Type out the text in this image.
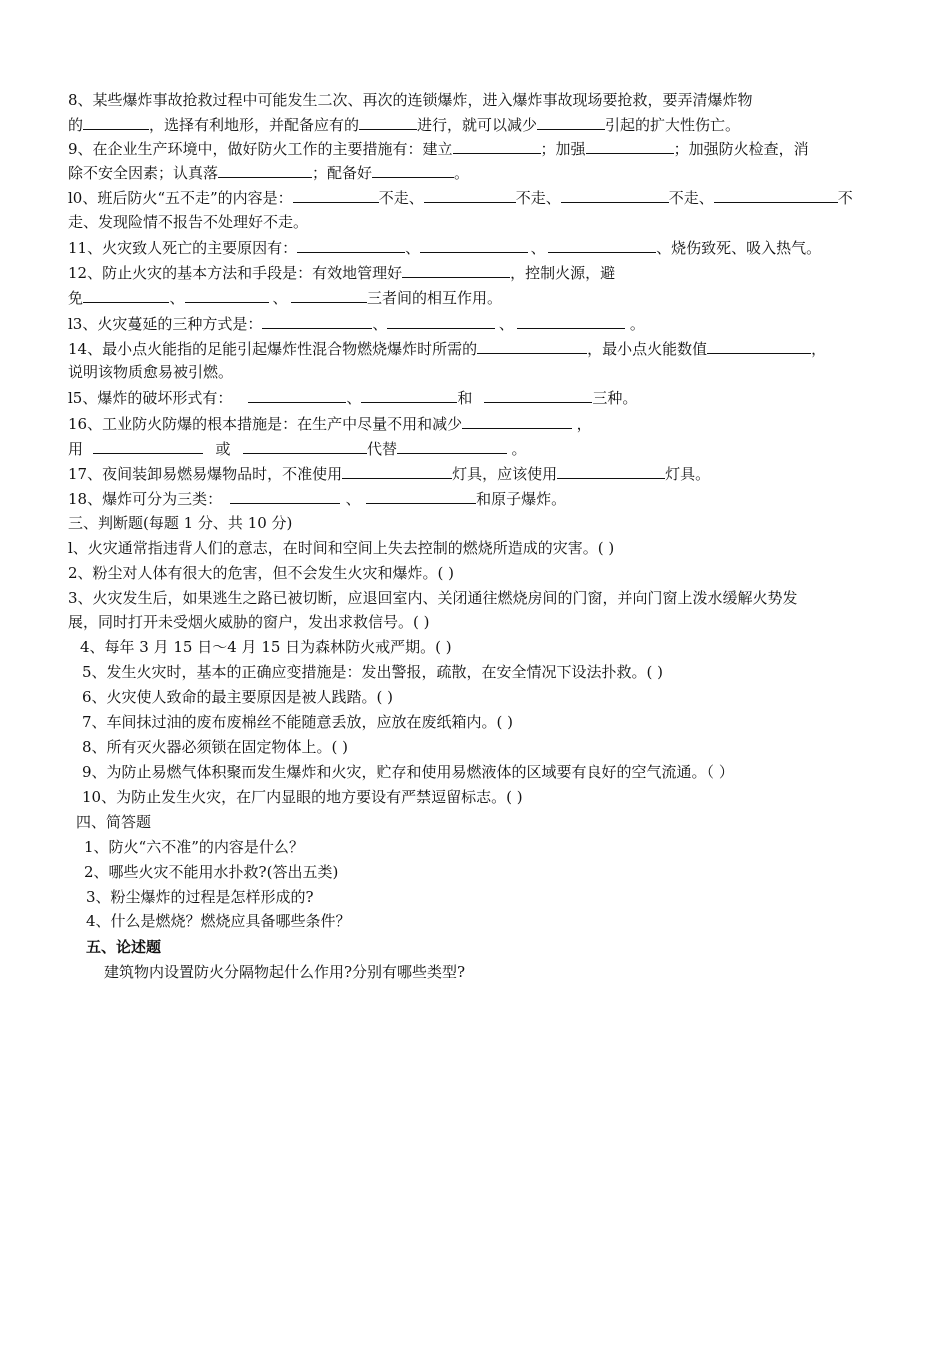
8、某些爆炸事故抢救过程中可能发生二次、再次的连锁爆炸，进入爆炸事故现场要抢救，要弄清爆炸物
的	，选择有利地形，并配备应有的	进行，就可以减少	引起的扩大性伤亡。
9、在企业生产环境中，做好防火工作的主要措施有：建立	；加强	；加强防火检查，消
除不安全因素；认真落	；配备好	。
l0、班后防火“五不走”的内容是：	不走、	不走、	不走、	不
走、发现险情不报告不处理好不走。
11、火灾致人死亡的主要原因有：	、	、	、烧伤致死、吸入热气。
12、防止火灾的基本方法和手段是：有效地管理好	，控制火源，避
免	、	、	三者间的相互作用。
l3、火灾蔓延的三种方式是：	、	、	。
14、最小点火能指的足能引起爆炸性混合物燃烧爆炸时所需的	，最小点火能数值	，
说明该物质愈易被引燃。
l5、爆炸的破坏形式有：	、	和	三种。
16、工业防火防爆的根本措施是：在生产中尽量不用和减少	，
用	或	代替	。
17、夜间装卸易燃易爆物品时，不准使用	灯具，应该使用	灯具。
18、爆炸可分为三类：	、	和原子爆炸。
三、判断题(每题 1 分、共 10 分)
l、火灾通常指违背人们的意志，在时间和空间上失去控制的燃烧所造成的灾害。( )
2、粉尘对人体有很大的危害，但不会发生火灾和爆炸。( )
3、火灾发生后，如果逃生之路已被切断，应退回室内、关闭通往燃烧房间的门窗，并向门窗上泼水缓解火势发
展，同时打开未受烟火威胁的窗户，发出求救信号。( )
4、每年 3 月 15 日～4 月 15 日为森林防火戒严期。( )
5、发生火灾时，基本的正确应变措施是：发出警报，疏散，在安全情况下设法扑救。( )
6、火灾使人致命的最主要原因是被人践踏。( )
7、车间抹过油的废布废棉丝不能随意丢放，应放在废纸箱内。( )
8、所有灭火器必须锁在固定物体上。( )
9、为防止易燃气体积聚而发生爆炸和火灾，贮存和使用易燃液体的区域要有良好的空气流通。（ ）
10、为防止发生火灾，在厂内显眼的地方要设有严禁逗留标志。( )
四、简答题
1、防火“六不准”的内容是什么？
2、哪些火灾不能用水扑救?(答出五类)
3、粉尘爆炸的过程是怎样形成的?
4、什么是燃烧？燃烧应具备哪些条件？
五、论述题
建筑物内设置防火分隔物起什么作用?分别有哪些类型?
